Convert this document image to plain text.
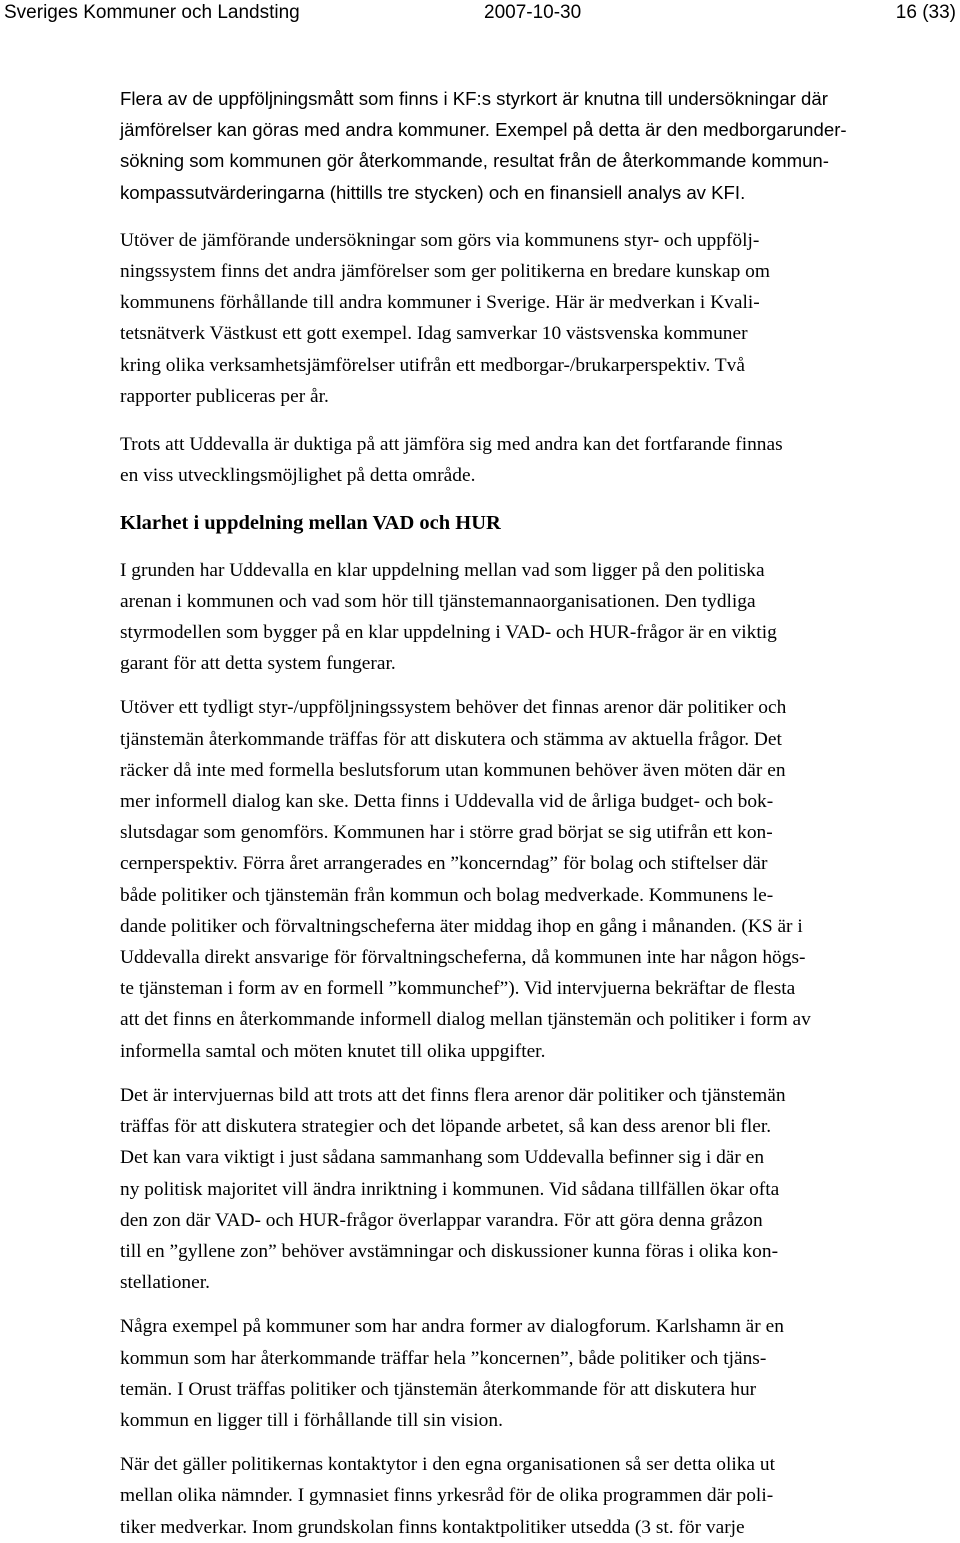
Sveriges Kommuner och Landsting	2007-10-30	16 (33)

Flera av de uppföljningsmått som finns i KF:s styrkort är knutna till undersökningar där
jämförelser kan göras med andra kommuner. Exempel på detta är den medborgarunder-
sökning som kommunen gör återkommande, resultat från de återkommande kommun-
kompassutvärderingarna (hittills tre stycken) och en finansiell analys av KFI.

Utöver de jämförande undersökningar som görs via kommunens styr- och uppfölj-
ningssystem finns det andra jämförelser som ger politikerna en bredare kunskap om
kommunens förhållande till andra kommuner i Sverige. Här är medverkan i Kvali-
tetsnätverk Västkust ett gott exempel. Idag samverkar 10 västsvenska kommuner
kring olika verksamhetsjämförelser utifrån ett medborgar-/brukarperspektiv. Två
rapporter publiceras per år.

Trots att Uddevalla är duktiga på att jämföra sig med andra kan det fortfarande finnas
en viss utvecklingsmöjlighet på detta område.

Klarhet i uppdelning mellan VAD och HUR

I grunden har Uddevalla en klar uppdelning mellan vad som ligger på den politiska
arenan i kommunen och vad som hör till tjänstemannaorganisationen. Den tydliga
styrmodellen som bygger på en klar uppdelning i VAD- och HUR-frågor är en viktig
garant för att detta system fungerar.

Utöver ett tydligt styr-/uppföljningssystem behöver det finnas arenor där politiker och
tjänstemän återkommande träffas för att diskutera och stämma av aktuella frågor. Det
räcker då inte med formella beslutsforum utan kommunen behöver även möten där en
mer informell dialog kan ske. Detta finns i Uddevalla vid de årliga budget- och bok-
slutsdagar som genomförs. Kommunen har i större grad börjat se sig utifrån ett kon-
cernperspektiv. Förra året arrangerades en ”koncerndag” för bolag och stiftelser där
både politiker och tjänstemän från kommun och bolag medverkade. Kommunens le-
dande politiker och förvaltningscheferna äter middag ihop en gång i månanden. (KS är i
Uddevalla direkt ansvarige för förvaltningscheferna, då kommunen inte har någon högs-
te tjänsteman i form av en formell ”kommunchef”). Vid intervjuerna bekräftar de flesta
att det finns en återkommande informell dialog mellan tjänstemän och politiker i form av
informella samtal och möten knutet till olika uppgifter.

Det är intervjuernas bild att trots att det finns flera arenor där politiker och tjänstemän
träffas för att diskutera strategier och det löpande arbetet, så kan dess arenor bli fler.
Det kan vara viktigt i just sådana sammanhang som Uddevalla befinner sig i där en
ny politisk majoritet vill ändra inriktning i kommunen. Vid sådana tillfällen ökar ofta
den zon där VAD- och HUR-frågor överlappar varandra. För att göra denna gråzon
till en ”gyllene zon” behöver avstämningar och diskussioner kunna föras i olika kon-
stellationer.

Några exempel på kommuner som har andra former av dialogforum. Karlshamn är en
kommun som har återkommande träffar hela ”koncernen”, både politiker och tjäns-
temän. I Orust träffas politiker och tjänstemän återkommande för att diskutera hur
kommun en ligger till i förhållande till sin vision.

När det gäller politikernas kontaktytor i den egna organisationen så ser detta olika ut
mellan olika nämnder. I gymnasiet finns yrkesråd för de olika programmen där poli-
tiker medverkar. Inom grundskolan finns kontaktpolitiker utsedda (3 st. för varje
